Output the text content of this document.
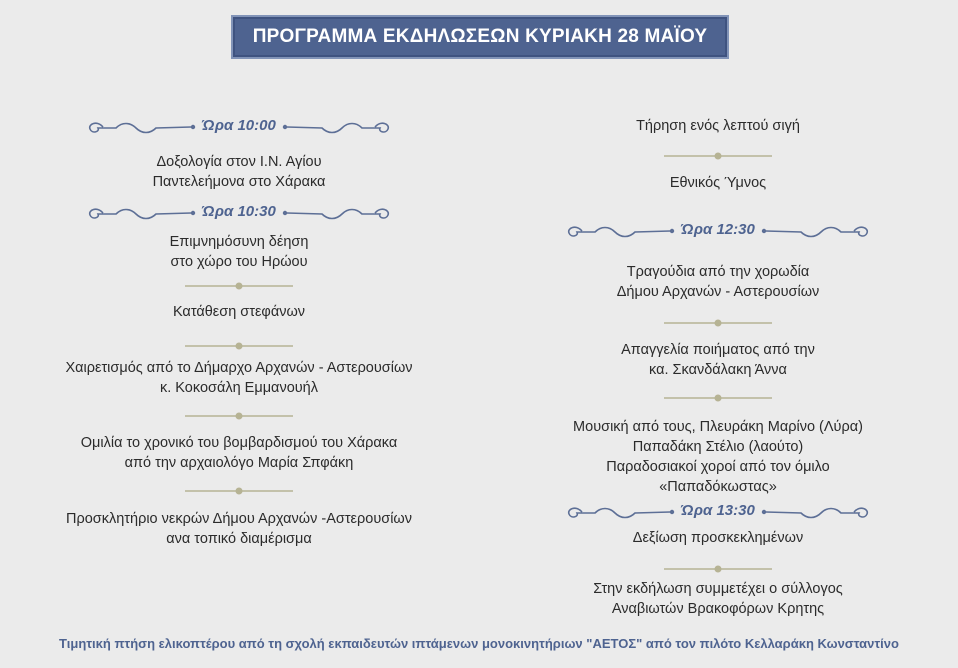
ΠΡΟΓΡΑΜΜΑ ΕΚΔΗΛΩΣΕΩΝ ΚΥΡΙΑΚΗ 28 ΜΑΪΟΥ
Ώρα 10:00
Δοξολογία στον Ι.Ν. Αγίου
Παντελεήμονα στο Χάρακα
Ώρα 10:30
Επιμνημόσυνη δέηση
στο χώρο του Ηρώου
Κατάθεση στεφάνων
Χαιρετισμός από το Δήμαρχο Αρχανών - Αστερουσίων
κ. Κοκοσάλη Εμμανουήλ
Ομιλία το χρονικό του βομβαρδισμού του Χάρακα
από την αρχαιολόγο Μαρία Σπφάκη
Προσκλητήριο νεκρών Δήμου Αρχανών -Αστερουσίων
ανα τοπικό διαμέρισμα
Τήρηση ενός λεπτού σιγή
Εθνικός Ύμνος
Ώρα 12:30
Τραγούδια από την χορωδία
Δήμου Αρχανών - Αστερουσίων
Απαγγελία ποιήματος από την
κα. Σκανδάλακη Άννα
Μουσική από τους, Πλευράκη Μαρίνο (Λύρα)
Παπαδάκη Στέλιο (λαούτο)
Παραδοσιακοί χοροί από τον όμιλο
«Παπαδόκωστας»
Ώρα 13:30
Δεξίωση προσκεκλημένων
Στην εκδήλωση συμμετέχει ο σύλλογος
Αναβιωτών Βρακοφόρων Κρητης
Τιμητική πτήση ελικοπτέρου από τη σχολή εκπαιδευτών ιπτάμενων μονοκινητήριων "ΑΕΤΟΣ" από τον πιλότο Κελλαράκη Κωνσταντίνο
